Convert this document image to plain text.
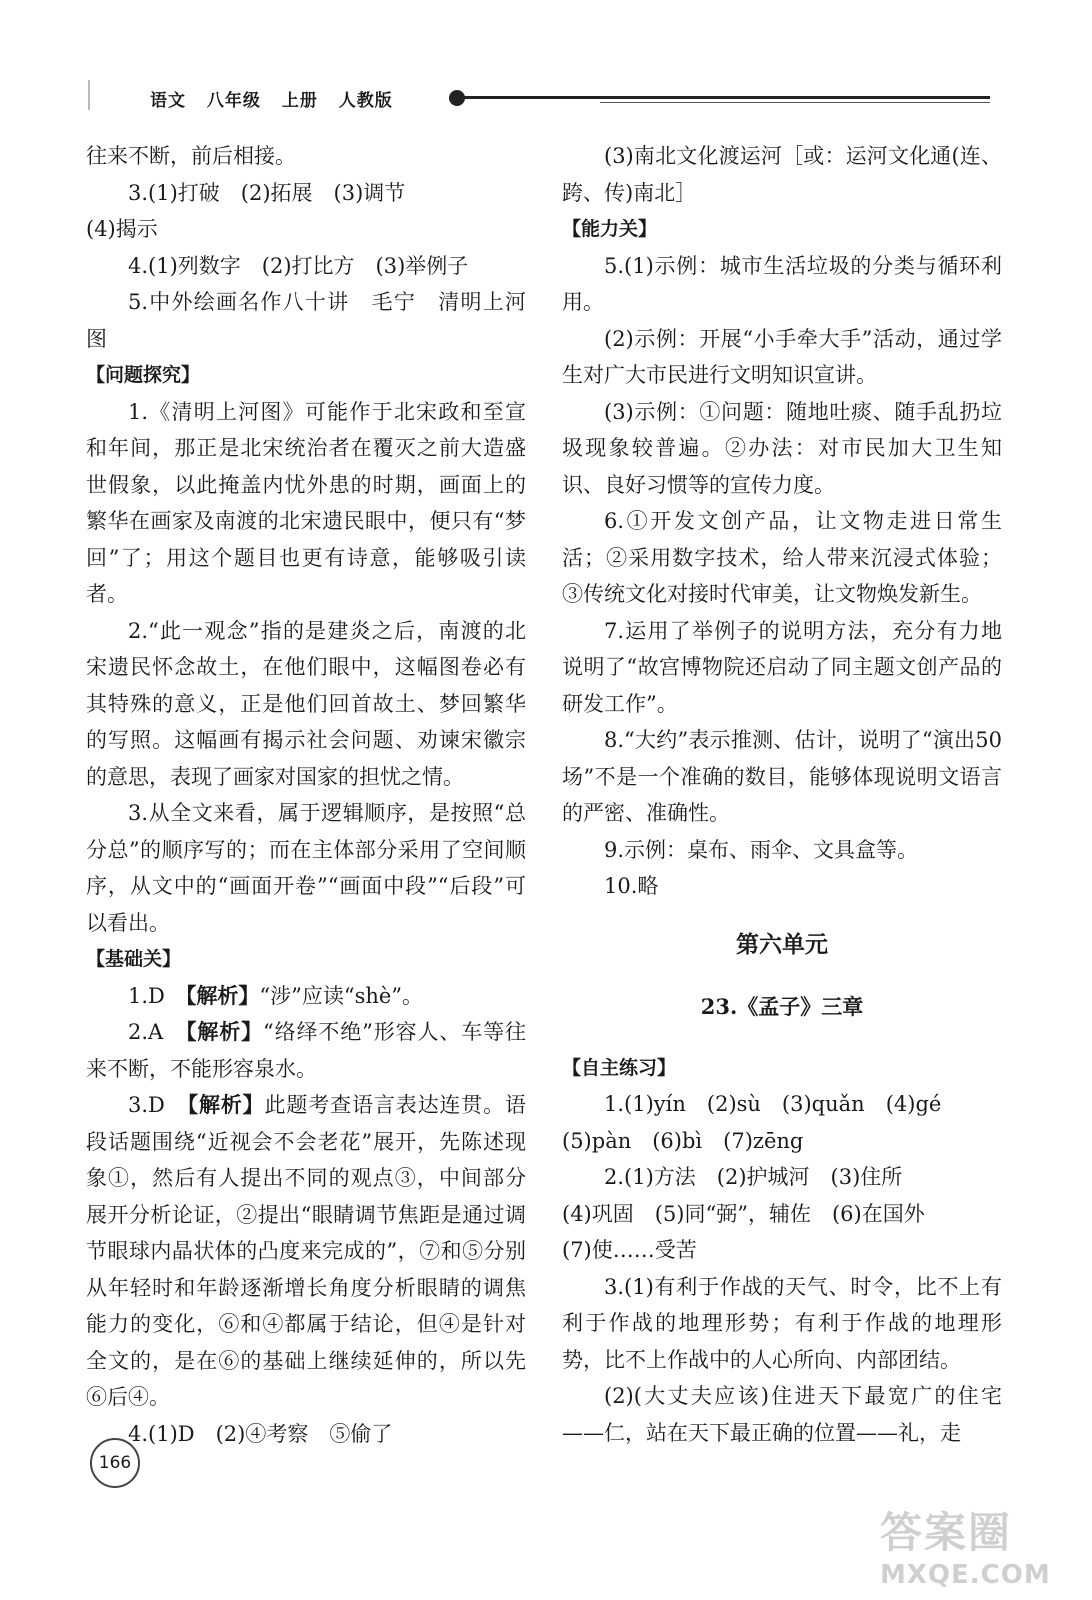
语文 八年级 上册 人教版
往来不断，前后相接。
3.(1)打破　(2)拓展　(3)调节
(4)揭示
4.(1)列数字　(2)打比方　(3)举例子
5.中外绘画名作八十讲　毛宁　清明上河图
【问题探究】
1.《清明上河图》可能作于北宋政和至宣和年间，那正是北宋统治者在覆灭之前大造盛世假象，以此掩盖内忧外患的时期，画面上的繁华在画家及南渡的北宋遗民眼中，便只有“梦回”了；用这个题目也更有诗意，能够吸引读者。
2.“此一观念”指的是建炎之后，南渡的北宋遗民怀念故土，在他们眼中，这幅图卷必有其特殊的意义，正是他们回首故土、梦回繁华的写照。这幅画有揭示社会问题、劝谏宋徽宗的意思，表现了画家对国家的担忧之情。
3.从全文来看，属于逻辑顺序，是按照“总分总”的顺序写的；而在主体部分采用了空间顺序，从文中的“画面开卷”“画面中段”“后段”可以看出。
【基础关】
1.D　【解析】“涉”应读“shè”。
2.A　【解析】“络绎不绝”形容人、车等往来不断，不能形容泉水。
3.D　【解析】此题考查语言表达连贯。语段话题围绕“近视会不会老花”展开，先陈述现象①，然后有人提出不同的观点③，中间部分展开分析论证，②提出“眼睛调节焦距是通过调节眼球内晶状体的凸度来完成的”，⑦和⑤分别从年轻时和年龄逐渐增长角度分析眼睛的调焦能力的变化，⑥和④都属于结论，但④是针对全文的，是在⑥的基础上继续延伸的，所以先⑥后④。
4.(1)D　(2)④考察　⑤偷了
(3)南北文化渡运河［或：运河文化通(连、跨、传)南北］
【能力关】
5.(1)示例：城市生活垃圾的分类与循环利用。
(2)示例：开展“小手牵大手”活动，通过学生对广大市民进行文明知识宣讲。
(3)示例：①问题：随地吐痰、随手乱扔垃圾现象较普遍。②办法：对市民加大卫生知识、良好习惯等的宣传力度。
6.①开发文创产品，让文物走进日常生活；②采用数字技术，给人带来沉浸式体验；③传统文化对接时代审美，让文物焕发新生。
7.运用了举例子的说明方法，充分有力地说明了“故宫博物院还启动了同主题文创产品的研发工作”。
8.“大约”表示推测、估计，说明了“演出50场”不是一个准确的数目，能够体现说明文语言的严密、准确性。
9.示例：桌布、雨伞、文具盒等。
10.略
第六单元
23.《孟子》三章
【自主练习】
1.(1)yín　(2)sù　(3)quǎn　(4)gé
(5)pàn　(6)bì　(7)zēng
2.(1)方法　(2)护城河　(3)住所
(4)巩固　(5)同“弼”，辅佐　(6)在国外
(7)使……受苦
3.(1)有利于作战的天气、时令，比不上有利于作战的地理形势；有利于作战的地理形势，比不上作战中的人心所向、内部团结。
(2)(大丈夫应该)住进天下最宽广的住宅——仁，站在天下最正确的位置——礼，走
166
答案圈
MXQE.COM
